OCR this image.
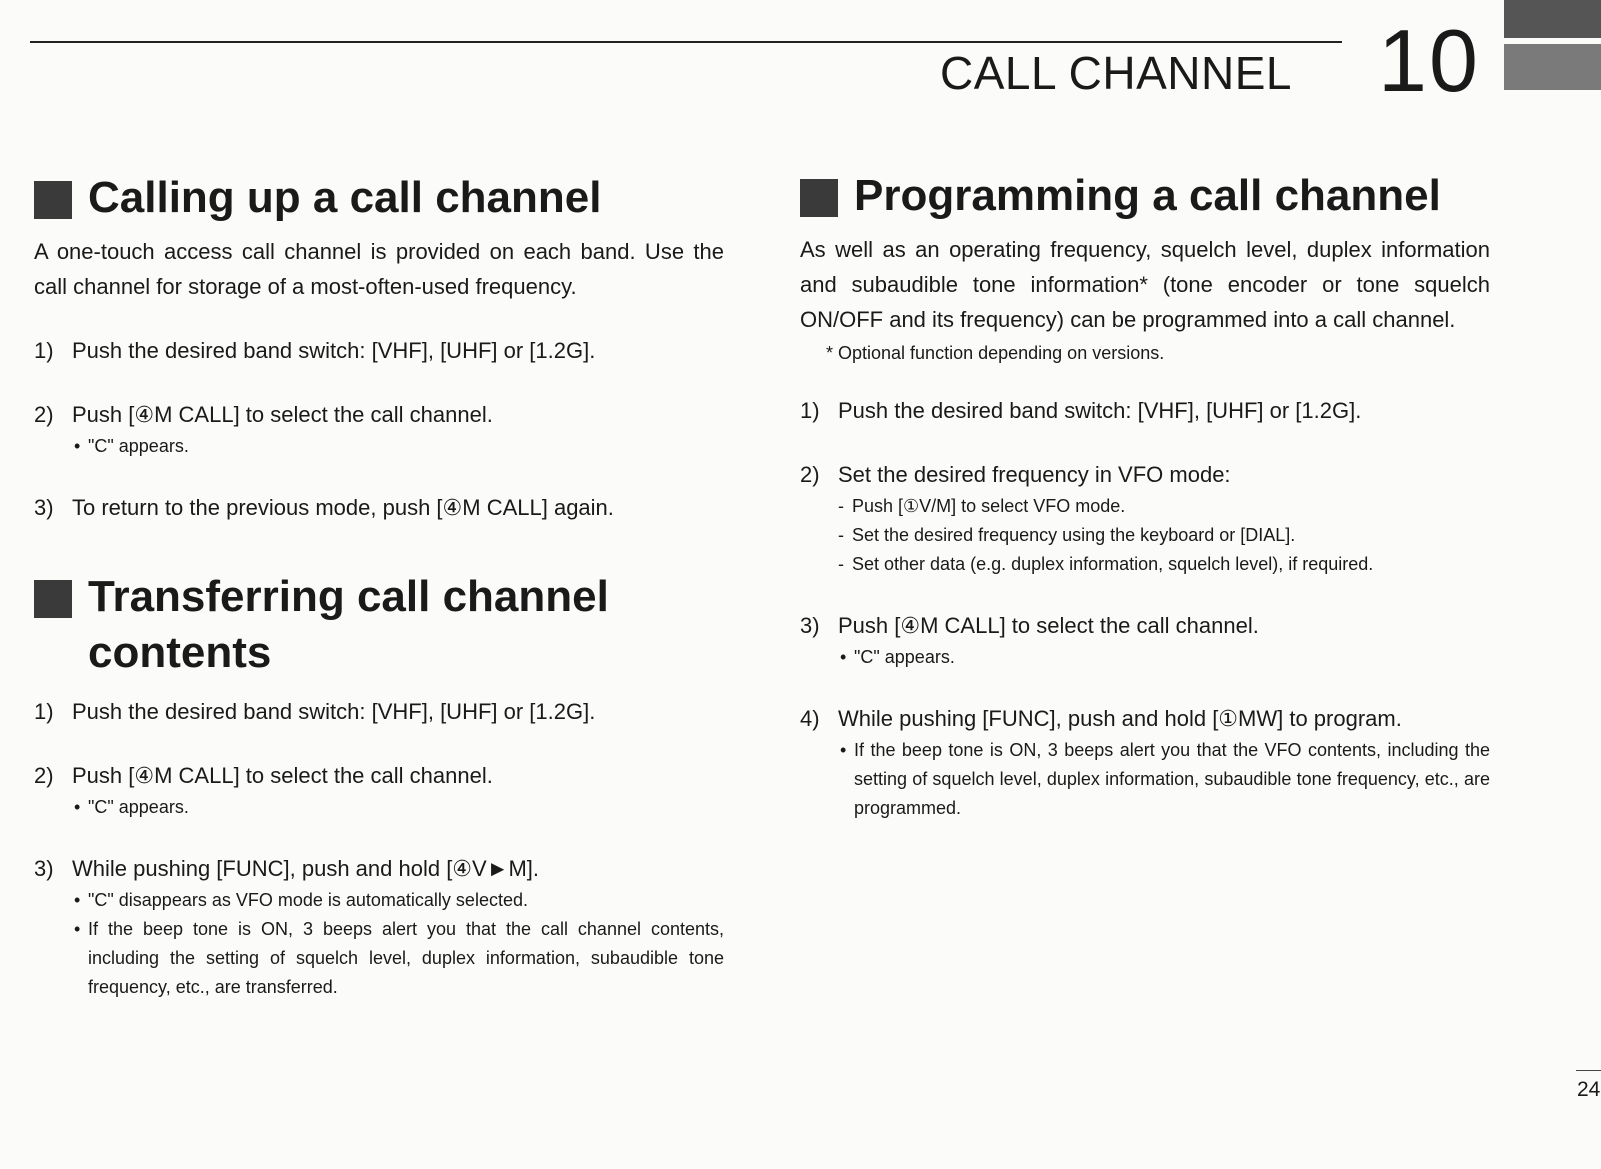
CALL CHANNEL 10
Calling up a call channel
A one-touch access call channel is provided on each band. Use the call channel for storage of a most-often-used frequency.
1) Push the desired band switch: [VHF], [UHF] or [1.2G].
2) Push [④M CALL] to select the call channel.
• "C" appears.
3) To return to the previous mode, push [④M CALL] again.
Transferring call channel
contents
1) Push the desired band switch: [VHF], [UHF] or [1.2G].
2) Push [④M CALL] to select the call channel.
• "C" appears.
3) While pushing [FUNC], push and hold [④V►M].
• "C" disappears as VFO mode is automatically selected.
• If the beep tone is ON, 3 beeps alert you that the call channel contents, including the setting of squelch level, duplex information, subaudible tone frequency, etc., are transferred.
Programming a call channel
As well as an operating frequency, squelch level, duplex information and subaudible tone information* (tone encoder or tone squelch ON/OFF and its frequency) can be programmed into a call channel.
* Optional function depending on versions.
1) Push the desired band switch: [VHF], [UHF] or [1.2G].
2) Set the desired frequency in VFO mode:
- Push [①V/M] to select VFO mode.
- Set the desired frequency using the keyboard or [DIAL].
- Set other data (e.g. duplex information, squelch level), if required.
3) Push [④M CALL] to select the call channel.
• "C" appears.
4) While pushing [FUNC], push and hold [①MW] to program.
• If the beep tone is ON, 3 beeps alert you that the VFO contents, including the setting of squelch level, duplex information, subaudible tone frequency, etc., are programmed.
24
